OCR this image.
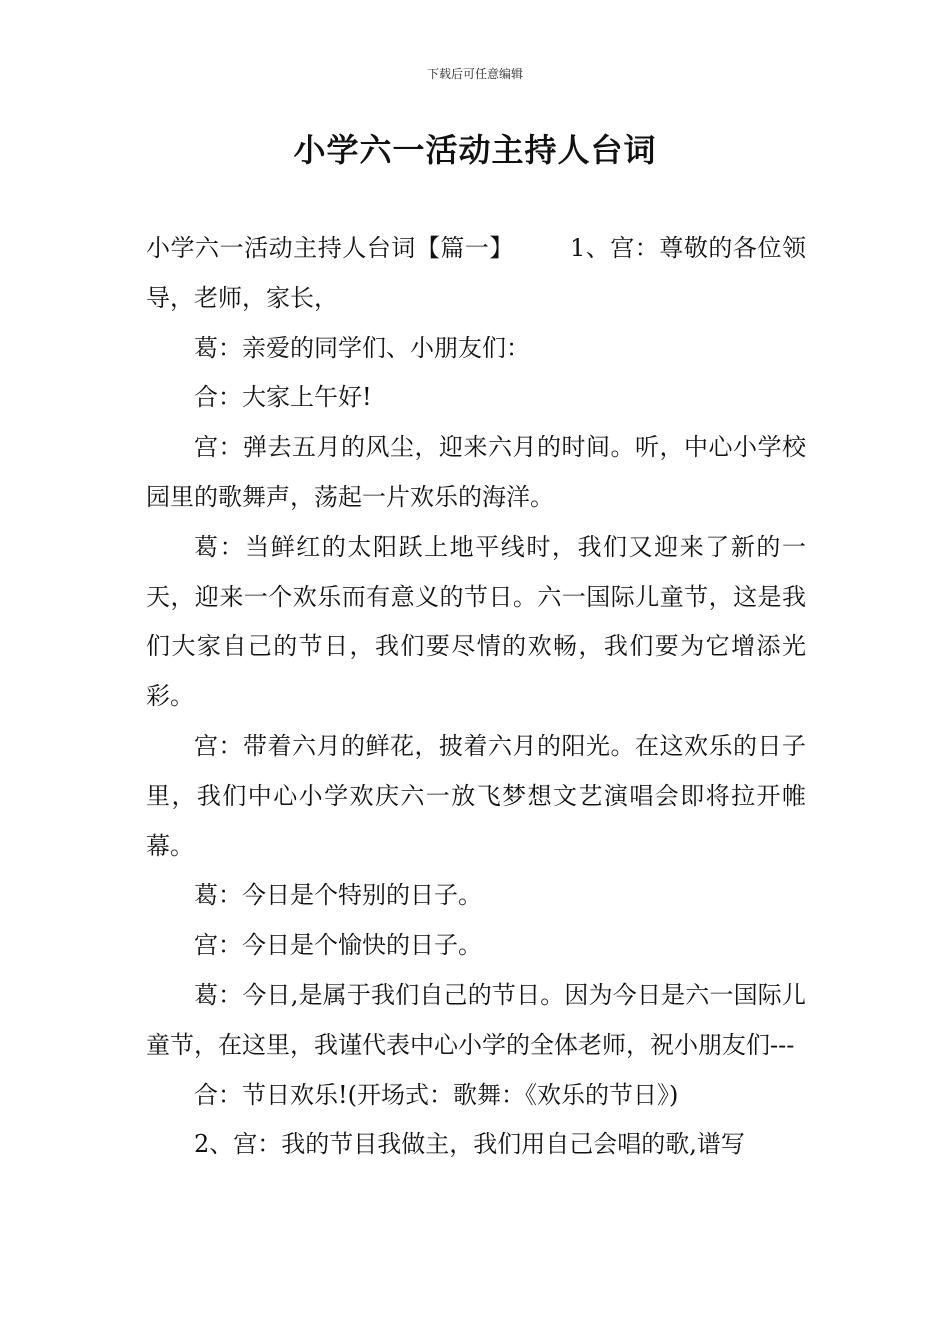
下载后可任意编辑
小学六一活动主持人台词

小学六一活动主持人台词【篇一】 1、宫：尊敬的各位领导，老师，家长，

葛：亲爱的同学们、小朋友们：

合：大家上午好!

宫：弹去五月的风尘，迎来六月的时间。听，中心小学校园里的歌舞声，荡起一片欢乐的海洋。

葛：当鲜红的太阳跃上地平线时，我们又迎来了新的一天，迎来一个欢乐而有意义的节日。六一国际儿童节，这是我们大家自己的节日，我们要尽情的欢畅，我们要为它增添光彩。

宫：带着六月的鲜花，披着六月的阳光。在这欢乐的日子里，我们中心小学欢庆六一放飞梦想文艺演唱会即将拉开帷幕。

葛：今日是个特别的日子。

宫：今日是个愉快的日子。

葛：今日,是属于我们自己的节日。因为今日是六一国际儿童节，在这里，我谨代表中心小学的全体老师，祝小朋友们---

合：节日欢乐!(开场式：歌舞：《欢乐的节日》)

2、宫：我的节目我做主，我们用自己会唱的歌,谱写
